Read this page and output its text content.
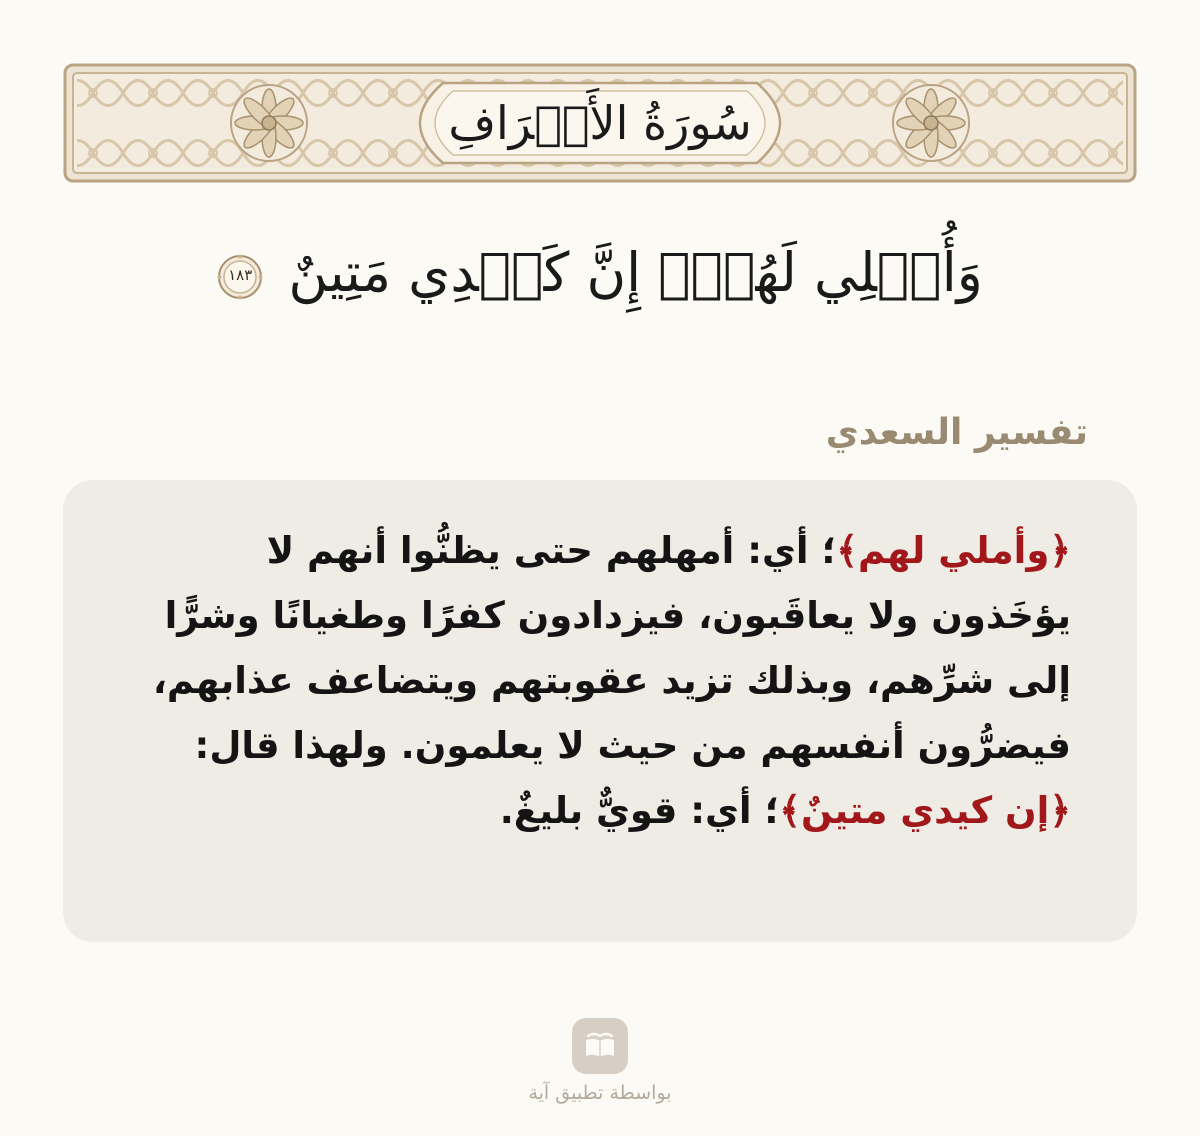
سُورَةُ الأَعۡرَافِ
وَأُمۡلِي لَهُمۡۚ إِنَّ كَيۡدِي مَتِينٌ
١٨٣
تفسير السعدي
﴿وأملي لهم﴾؛ أي: أمهلهم حتى يظنُّوا أنهم لا يؤخَذون ولا يعاقَبون، فيزدادون كفرًا وطغيانًا وشرًّا إلى شرِّهم، وبذلك تزيد عقوبتهم ويتضاعف عذابهم، فيضرُّون أنفسهم من حيث لا يعلمون. ولهذا قال: ﴿إن كيدي متينٌ﴾؛ أي: قويٌّ بليغٌ.
بواسطة تطبيق آية
